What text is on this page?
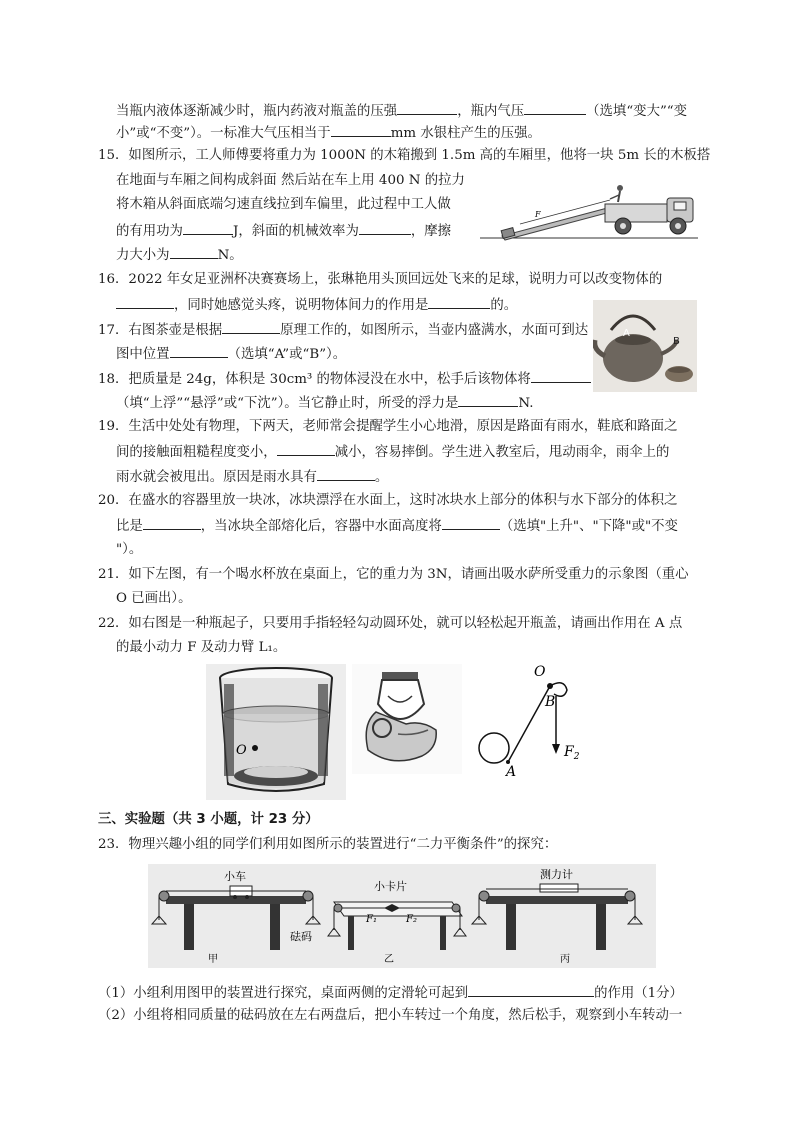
当瓶内液体逐渐减少时，瓶内药液对瓶盖的压强	，瓶内气压	（选填“变大”“变
小”或“不变”）。一标准大气压相当于	mm 水银柱产生的压强。
15．如图所示，工人师傅要将重力为 1000N 的木箱搬到 1.5m 高的车厢里，他将一块 5m 长的木板搭
在地面与车厢之间构成斜面 然后站在车上用 400 N 的拉力
将木箱从斜面底端匀速直线拉到车偏里，此过程中工人做
的有用功为	J，斜面的机械效率为	，摩擦
力大小为	N。
F
16．2022 年女足亚洲杯决赛赛场上，张琳艳用头顶回远处飞来的足球，说明力可以改变物体的
，同时她感觉头疼，说明物体间力的作用是	的。
17．右图茶壶是根据	原理工作的，如图所示，当壶内盛满水，水面可到达
图中位置	（选填“A”或“B”）。
A
B
18．把质量是 24g，体积是 30cm³ 的物体浸没在水中，松手后该物体将
（填“上浮”“悬浮”或“下沈”）。当它静止时，所受的浮力是	N.
19．生活中处处有物理，下两天，老师常会提醒学生小心地滑，原因是路面有雨水，鞋底和路面之
间的接触面粗糙程度变小，	减小，容易摔倒。学生进入教室后，甩动雨伞，雨伞上的
雨水就会被甩出。原因是雨水具有	。
20．在盛水的容器里放一块冰，冰块漂浮在水面上，这时冰块水上部分的体积与水下部分的体积之
比是	，当冰块全部熔化后，容器中水面高度将	（选填"上升"、"下降"或"不变
"）。
21．如下左图，有一个喝水杯放在桌面上，它的重力为 3N，请画出吸水萨所受重力的示象图（重心
O 已画出）。
22．如右图是一种瓶起子，只要用手指轻轻勾动圆环处，就可以轻松起开瓶盖，请画出作用在 A 点
的最小动力 F 及动力臂 L₁。
O
O
B
A
$F_2$
三、实验题（共 3 小题，计 23 分）
23．物理兴趣小组的同学们利用如图所示的装置进行“二力平衡条件”的探究：
小车
砝码
甲
小卡片
F₁	F₂
乙
测力计
丙
（1）小组利用图甲的装置进行探究，桌面两侧的定滑轮可起到	的作用（1分）
（2）小组将相同质量的砝码放在左右两盘后，把小车转过一个角度，然后松手，观察到小车转动一
